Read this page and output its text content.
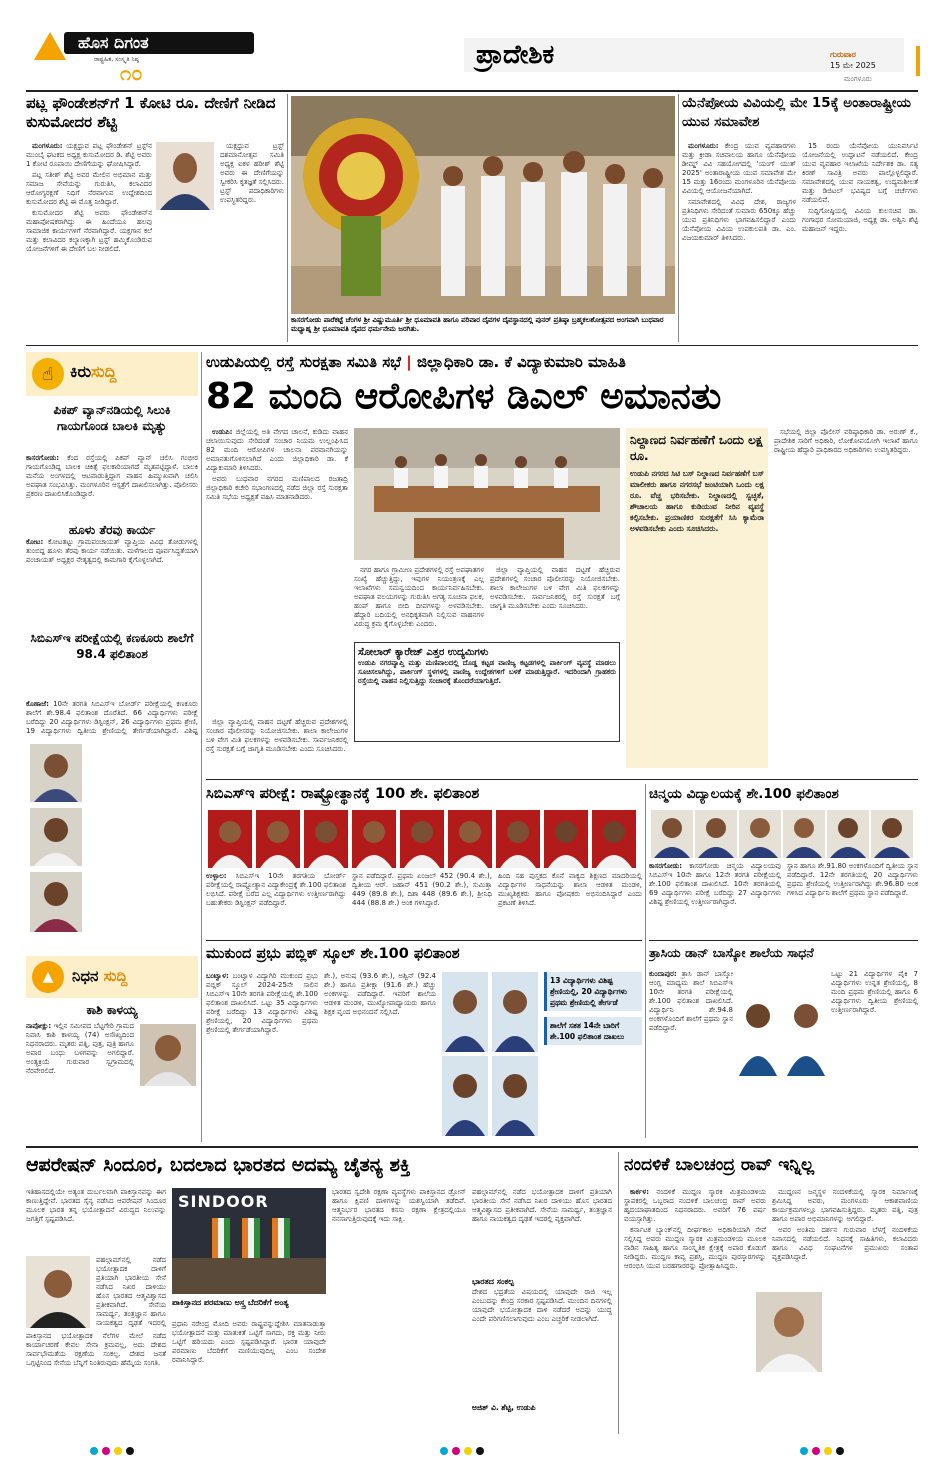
ಹೊಸ ದಿಗಂತ
ರಾಷ್ಟ್ರಹಿತ, ಸಂಸ್ಕೃತಿ ನಿಷ್ಠ
೧೦
ಪ್ರಾದೇಶಿಕ	ಗುರುವಾರ
15 ಮೇ 2025
ಮಂಗಳೂರು
ಪಟ್ಲ ಫೌಂಡೇಶನ್‌ಗೆ 1 ಕೋಟಿ ರೂ. ದೇಣಿಗೆ ನೀಡಿದ ಕುಸುಮೋದರ ಶೆಟ್ಟಿ

ಮಂಗಳೂರು: ಯಕ್ಷಧ್ರುವ ಪಟ್ಲ ಫೌಂಡೇಶನ್ ಟ್ರಸ್ಟ್‌ನ ಮುಂಬೈ ಘಟಕದ ಅಧ್ಯಕ್ಷ ಕುಸುಮೋದರ ಡಿ. ಶೆಟ್ಟಿ ಅವರು 1 ಕೋಟಿ ರೂಪಾಯಿ ದೇಣಿಗೆಯನ್ನು ಘೋಷಿಸಿದ್ದಾರೆ.

ಪಟ್ಲ ಸತೀಶ್ ಶೆಟ್ಟಿ ಅವರ ಮೇಲಿನ ಅಭಿಮಾನ ಮತ್ತು ಸಮಾಜ ಸೇವೆಯನ್ನು ಗುರುತಿಸಿ, ಕಲಾವಿದರ ಆರೋಗ್ಯರಕ್ಷಣೆ ನಿಧಿಗೆ ನೆರವಾಗುವ ಉದ್ದೇಶದಿಂದ ಕುಸುಮೋದರ ಶೆಟ್ಟಿ ಈ ಮೊತ್ತ ನೀಡಿದ್ದಾರೆ.

ಕುಸುಮೋದರ ಶೆಟ್ಟಿ ಅವರು ಫೌಂಡೇಶನ್‌ನ ಮಹಾಪೋಷಕರಾಗಿದ್ದು ಈ ಹಿಂದೆಯೂ ಹಲವು ಸಾಮಾಜಿಕ ಕಾರ್ಯಗಳಿಗೆ ನೆರವಾಗಿದ್ದಾರೆ. ಯಕ್ಷಗಾನ ಕಲೆ ಮತ್ತು ಕಲಾವಿದರ ಕಲ್ಯಾಣಕ್ಕಾಗಿ ಟ್ರಸ್ಟ್ ಹಮ್ಮಿಕೊಂಡಿರುವ ಯೋಜನೆಗಳಿಗೆ ಈ ದೇಣಿಗೆ ಬಲ ನೀಡಲಿದೆ.

ಯಕ್ಷಧ್ರುವ ಟ್ರಸ್ಟ್ ದಶಮಾನೋತ್ಸವ ಸಮಿತಿ ಅಧ್ಯಕ್ಷ ಐಕಳ ಹರೀಶ್ ಶೆಟ್ಟಿ ಅವರು ಈ ದೇಣಿಗೆಯನ್ನು ಸ್ವೀಕರಿಸಿ ಕೃತಜ್ಞತೆ ಸಲ್ಲಿಸಿದರು. ಟ್ರಸ್ಟ್ ಪದಾಧಿಕಾರಿಗಳು ಉಪಸ್ಥಿತರಿದ್ದರು.

ಕಾಸರಗೋಡು ಪಾರೆಕಟ್ಟೆ ಚೆಂಗಳ ಶ್ರೀ ವಿಷ್ಣುಮೂರ್ತಿ ಶ್ರೀ ಧೂಮಾವತಿ ಹಾಗೂ ಪರಿವಾರ ದೈವಗಳ ದೈವಸ್ಥಾನದಲ್ಲಿ ಪುನರ್ ಪ್ರತಿಷ್ಠಾ ಬ್ರಹ್ಮಕಲಶೋತ್ಸವದ ಅಂಗವಾಗಿ ಬುಧವಾರ ಮಧ್ಯಾಹ್ನ ಶ್ರೀ ಧೂಮಾವತಿ ದೈವದ ಧರ್ಮನೇಮ ಜರಗಿತು.
ಯೆನೆಪೋಯ ವಿವಿಯಲ್ಲಿ ಮೇ 15ಕ್ಕೆ ಅಂತಾರಾಷ್ಟ್ರೀಯ ಯುವ ಸಮಾವೇಶ

ಮಂಗಳೂರು: ಕೇಂದ್ರ ಯುವ ವ್ಯವಹಾರಗಳು ಮತ್ತು ಕ್ರೀಡಾ ಸಚಿವಾಲಯ ಹಾಗೂ ಯೆನೆಪೋಯ ಡೀಮ್ಡ್ ವಿವಿ ಸಹಯೋಗದಲ್ಲಿ 'ಯಂಗ್ ಯುತ್ 2025' ಅಂತಾರಾಷ್ಟ್ರೀಯ ಯುವ ಸಮಾವೇಶ ಮೇ 15 ಮತ್ತು 16ರಂದು ಮಂಗಳೂರಿನ ಯೆನೆಪೋಯ ವಿವಿಯಲ್ಲಿ ಆಯೋಜನೆಯಾಗಿದೆ.

ಸಮಾವೇಶದಲ್ಲಿ ವಿವಿಧ ದೇಶ, ರಾಜ್ಯಗಳ ಪ್ರತಿನಿಧಿಗಳು ಸೇರಿದಂತೆ ಸುಮಾರು 650ಕ್ಕೂ ಹೆಚ್ಚು ಯುವ ಪ್ರತಿನಿಧಿಗಳು ಭಾಗವಹಿಸಲಿದ್ದಾರೆ ಎಂದು ಯೆನೆಪೋಯ ವಿವಿಯ ಉಪಕುಲಪತಿ ಡಾ. ಎಂ. ವಿಜಯಕುಮಾರ್ ತಿಳಿಸಿದರು.

15 ರಂದು ಯೆನೆಪೋಯ ಯುನಿವರ್ಸಿಟಿ ಯೋಜನೆಯಲ್ಲಿ ಉದ್ಘಾಟನೆ ನಡೆಯಲಿದೆ. ಕೇಂದ್ರ ಯುವ ವ್ಯವಹಾರ ಇಲಾಖೆಯ ನಿರ್ದೇಶಕ ಡಾ. ಸತ್ಯ ಕಿರಣ್ ಸಾವಿತ್ರಿ ಅವರು ಪಾಲ್ಗೊಳ್ಳಲಿದ್ದಾರೆ. ಸಮಾವೇಶದಲ್ಲಿ ಯುವ ನಾಯಕತ್ವ, ಉದ್ಯಮಶೀಲತೆ ಮತ್ತು ಡಿಜಿಟಲ್ ಭವಿಷ್ಯದ ಬಗ್ಗೆ ಚರ್ಚೆಗಳು ನಡೆಯಲಿವೆ.

ಸುದ್ದಿಗೋಷ್ಠಿಯಲ್ಲಿ ವಿವಿಯ ಕುಲಸಚಿವ ಡಾ. ಗಂಗಾಧರ ಸೋಮಯಾಜಿ, ಅಧ್ಯಕ್ಷ ಡಾ. ಅಶ್ವಿನಿ ಶೆಟ್ಟಿ ಮಹಾಜನ್ ಇದ್ದರು.

☝ ಕಿರುಸುದ್ದಿ
ಪಿಕಪ್ ವ್ಯಾನ್‌ನಡಿಯಲ್ಲಿ ಸಿಲುಕಿ ಗಾಯಗೊಂಡ ಬಾಲಕಿ ಮೃತ್ಯು
ಕಾಸರಗೋಡು: ಕೆಂದ ರಸ್ತೆಯಲ್ಲಿ ಪಿಕಪ್ ವ್ಯಾನ್ ಚಲಿಸಿ ಗಂಭೀರ ಗಾಯಗೊಂಡಿದ್ದ ಬಾಲಕಿ ಚಿಕಿತ್ಸೆ ಫಲಕಾರಿಯಾಗದೆ ಮೃತಪಟ್ಟಿದ್ದಾಳೆ. ಬಾಲಕಿ ಮನೆಯ ಅಂಗಳದಲ್ಲಿ ಆಟವಾಡುತ್ತಿದ್ದಾಗ ವಾಹನ ಹಿಮ್ಮುಖವಾಗಿ ಚಲಿಸಿ ಅಪಘಾತ ಸಂಭವಿಸಿತ್ತು. ಮಂಗಳೂರಿನ ಆಸ್ಪತ್ರೆಗೆ ದಾಖಲಿಸಲಾಗಿತ್ತು. ಪೊಲೀಸರು ಪ್ರಕರಣ ದಾಖಲಿಸಿಕೊಂಡಿದ್ದಾರೆ.
ಹೂಳು ತೆರವು ಕಾರ್ಯ
ಕೋಟ: ಕೋಟತಟ್ಟು ಗ್ರಾಮಪಂಚಾಯತ್ ವ್ಯಾಪ್ತಿಯ ವಿವಿಧ ತೋಡುಗಳಲ್ಲಿ ತುಂಬಿದ್ದ ಹೂಳು ತೆರವು ಕಾರ್ಯ ನಡೆಯಿತು. ಮಳೆಗಾಲದ ಪೂರ್ವಸಿದ್ಧತೆಯಾಗಿ ಪಂಚಾಯತ್ ಅಧ್ಯಕ್ಷರ ನೇತೃತ್ವದಲ್ಲಿ ಕಾಮಗಾರಿ ಕೈಗೊಳ್ಳಲಾಗಿದೆ.
ಸಿಬಿಎಸ್‌ಇ ಪರೀಕ್ಷೆಯಲ್ಲಿ ಕಣಕೂರು ಶಾಲೆಗೆ 98.4 ಫಲಿತಾಂಶ
ಕೊಣಾಜೆ: 10ನೇ ತರಗತಿ ಸಿಬಿಎಸ್‌ಇ ಬೋರ್ಡ್ ಪರೀಕ್ಷೆಯಲ್ಲಿ ಕಣಕೂರು ಶಾಲೆಗೆ ಶೇ.98.4 ಫಲಿತಾಂಶ ದೊರೆತಿದೆ. 66 ವಿದ್ಯಾರ್ಥಿಗಳು ಪರೀಕ್ಷೆ ಬರೆದಿದ್ದು 20 ವಿದ್ಯಾರ್ಥಿಗಳು ಡಿಸ್ಟಿಂಕ್ಷನ್, 26 ವಿದ್ಯಾರ್ಥಿಗಳು ಪ್ರಥಮ ಶ್ರೇಣಿ, 19 ವಿದ್ಯಾರ್ಥಿಗಳು ದ್ವಿತೀಯ ಶ್ರೇಣಿಯಲ್ಲಿ ತೇರ್ಗಡೆಯಾಗಿದ್ದಾರೆ. ವಿಶಿಷ್ಟ
▲ ನಿಧನ ಸುದ್ದಿ
ಕಾಶಿ ಕಾಳಯ್ಯ
ನಾಪೋಕ್ಲು: ಇಲ್ಲಿನ ಸಮೀಪದ ಬೆಟ್ಟಗೇರಿ ಗ್ರಾಮದ ನಿವಾಸಿ ಕಾಶಿ ಕಾಳಯ್ಯ (74) ಅಸೌಖ್ಯದಿಂದ ನಿಧನರಾದರು. ಮೃತರು ಪತ್ನಿ, ಪುತ್ರ, ಪುತ್ರಿ ಹಾಗೂ ಅಪಾರ ಬಂಧು ಬಳಗವನ್ನು ಅಗಲಿದ್ದಾರೆ. ಅಂತ್ಯಕ್ರಿಯೆ ಗುರುವಾರ ಸ್ವಗ್ರಾಮದಲ್ಲಿ ನೆರವೇರಲಿದೆ.
ಉಡುಪಿಯಲ್ಲಿ ರಸ್ತೆ ಸುರಕ್ಷತಾ ಸಮಿತಿ ಸಭೆ | ಜಿಲ್ಲಾಧಿಕಾರಿ ಡಾ. ಕೆ ವಿದ್ಯಾಕುಮಾರಿ ಮಾಹಿತಿ
82 ಮಂದಿ ಆರೋಪಿಗಳ ಡಿಎಲ್ ಅಮಾನತು

ಉಡುಪಿ: ಜಿಲ್ಲೆಯಲ್ಲಿ ಅತಿ ವೇಗದ ಚಾಲನೆ, ಕುಡಿದು ವಾಹನ ಚಲಾಯಿಸುವುದು ಸೇರಿದಂತೆ ಸಂಚಾರ ನಿಯಮ ಉಲ್ಲಂಘಿಸಿದ 82 ಮಂದಿ ಆರೋಪಿಗಳ ಚಾಲನಾ ಪರವಾನಗಿಯನ್ನು ಅಮಾನತುಗೊಳಿಸಲಾಗಿದೆ ಎಂದು ಜಿಲ್ಲಾಧಿಕಾರಿ ಡಾ. ಕೆ ವಿದ್ಯಾಕುಮಾರಿ ತಿಳಿಸಿದರು.

ಅವರು ಬುಧವಾರ ನಗರದ ಮಣಿಪಾಲದ ರಜತಾದ್ರಿ ಜಿಲ್ಲಾಧಿಕಾರಿ ಕಚೇರಿ ಸಭಾಂಗಣದಲ್ಲಿ ನಡೆದ ಜಿಲ್ಲಾ ರಸ್ತೆ ಸುರಕ್ಷತಾ ಸಮಿತಿ ಸಭೆಯ ಅಧ್ಯಕ್ಷತೆ ವಹಿಸಿ ಮಾತನಾಡಿದರು.

ನಗರ ಹಾಗೂ ಗ್ರಾಮೀಣ ಪ್ರದೇಶಗಳಲ್ಲಿ ರಸ್ತೆ ಅಪಘಾತಗಳ ಸಂಖ್ಯೆ ಹೆಚ್ಚುತ್ತಿದ್ದು, ಇವುಗಳ ನಿಯಂತ್ರಣಕ್ಕೆ ಎಲ್ಲ ಇಲಾಖೆಗಳು ಸಮನ್ವಯದಿಂದ ಕಾರ್ಯನಿರ್ವಹಿಸಬೇಕು. ಅಪಘಾತ ವಲಯಗಳನ್ನು ಗುರುತಿಸಿ ಅಗತ್ಯ ಸೂಚನಾ ಫಲಕ, ಹಂಪ್ ಹಾಗೂ ಬೀದಿ ದೀಪಗಳನ್ನು ಅಳವಡಿಸಬೇಕು. ಹೆದ್ದಾರಿ ಬದಿಯಲ್ಲಿ ಅನಧಿಕೃತವಾಗಿ ನಿಲ್ಲಿಸುವ ವಾಹನಗಳ ವಿರುದ್ಧ ಕ್ರಮ ಕೈಗೊಳ್ಳಬೇಕು ಎಂದರು.

ಜಿಲ್ಲಾ ವ್ಯಾಪ್ತಿಯಲ್ಲಿ ವಾಹನ ದಟ್ಟಣೆ ಹೆಚ್ಚಿರುವ ಪ್ರದೇಶಗಳಲ್ಲಿ ಸಂಚಾರ ಪೊಲೀಸರನ್ನು ನಿಯೋಜಿಸಬೇಕು. ಶಾಲಾ ಕಾಲೇಜುಗಳ ಬಳಿ ವೇಗ ಮಿತಿ ಫಲಕಗಳನ್ನು ಅಳವಡಿಸಬೇಕು. ಸಾರ್ವಜನಿಕರಲ್ಲಿ ರಸ್ತೆ ಸುರಕ್ಷತೆ ಬಗ್ಗೆ ಜಾಗೃತಿ ಮೂಡಿಸಬೇಕು ಎಂದು ಸೂಚಿಸಿದರು.

ಸೋಲಾರ್ ಕ್ಯಾರೇಜ್ ಎತ್ತರ ಉದ್ಯಮಿಗಳು
ಉಡುಪಿ ನಗರವ್ಯಾಪ್ತಿ ಮತ್ತು ಮಣಿಪಾಲದಲ್ಲಿ ದೊಡ್ಡ ಕಟ್ಟಡ ವಾಣಿಜ್ಯ ಕಟ್ಟಡಗಳಲ್ಲಿ ಪಾರ್ಕಿಂಗ್ ವ್ಯವಸ್ಥೆ ಮಾಡಲು ಸೂಚಿಸಲಾಗಿದ್ದು, ಪಾರ್ಕಿಂಗ್ ಸ್ಥಳಗಳಲ್ಲಿ ವಾಣಿಜ್ಯ ಉದ್ದೇಶಗಳಿಗೆ ಬಳಕೆ ಮಾಡುತ್ತಿದ್ದಾರೆ. ಇದರಿಂದಾಗಿ ಗ್ರಾಹಕರು ರಸ್ತೆಯಲ್ಲಿ ವಾಹನ ನಿಲ್ಲಿಸುತ್ತಿದ್ದು ಸಂಚಾರಕ್ಕೆ ತೊಂದರೆಯಾಗುತ್ತಿದೆ.
ನಿಲ್ದಾಣದ ನಿರ್ವಹಣೆಗೆ ಒಂದು ಲಕ್ಷ ರೂ.
ಉಡುಪಿ ನಗರದ ಸಿಟಿ ಬಸ್ ನಿಲ್ದಾಣದ ನಿರ್ವಹಣೆಗೆ ಬಸ್ ಮಾಲೀಕರು ಹಾಗೂ ನಗರಸಭೆ ಜಂಟಿಯಾಗಿ ಒಂದು ಲಕ್ಷ ರೂ. ವೆಚ್ಚ ಭರಿಸಬೇಕು. ನಿಲ್ದಾಣದಲ್ಲಿ ಸ್ವಚ್ಛತೆ, ಶೌಚಾಲಯ ಹಾಗೂ ಕುಡಿಯುವ ನೀರಿನ ವ್ಯವಸ್ಥೆ ಕಲ್ಪಿಸಬೇಕು. ಪ್ರಯಾಣಿಕರ ಸುರಕ್ಷತೆಗೆ ಸಿಸಿ ಕ್ಯಾಮೆರಾ ಅಳವಡಿಸಬೇಕು ಎಂದು ಸೂಚಿಸಿದರು.

ಸಭೆಯಲ್ಲಿ ಜಿಲ್ಲಾ ಪೊಲೀಸ್ ವರಿಷ್ಠಾಧಿಕಾರಿ ಡಾ. ಅರುಣ್ ಕೆ., ಪ್ರಾದೇಶಿಕ ಸಾರಿಗೆ ಅಧಿಕಾರಿ, ಲೋಕೋಪಯೋಗಿ ಇಲಾಖೆ ಹಾಗೂ ರಾಷ್ಟ್ರೀಯ ಹೆದ್ದಾರಿ ಪ್ರಾಧಿಕಾರದ ಅಧಿಕಾರಿಗಳು ಉಪಸ್ಥಿತರಿದ್ದರು.

ಜಿಲ್ಲಾ ವ್ಯಾಪ್ತಿಯಲ್ಲಿ ವಾಹನ ದಟ್ಟಣೆ ಹೆಚ್ಚಿರುವ ಪ್ರದೇಶಗಳಲ್ಲಿ ಸಂಚಾರ ಪೊಲೀಸರನ್ನು ನಿಯೋಜಿಸಬೇಕು. ಶಾಲಾ ಕಾಲೇಜುಗಳ ಬಳಿ ವೇಗ ಮಿತಿ ಫಲಕಗಳನ್ನು ಅಳವಡಿಸಬೇಕು. ಸಾರ್ವಜನಿಕರಲ್ಲಿ ರಸ್ತೆ ಸುರಕ್ಷತೆ ಬಗ್ಗೆ ಜಾಗೃತಿ ಮೂಡಿಸಬೇಕು ಎಂದು ಸೂಚಿಸಿದರು.

ಸಿಬಿಎಸ್‌ಇ ಪರೀಕ್ಷೆ: ರಾಷ್ಟ್ರೋತ್ಥಾನಕ್ಕೆ 100 ಶೇ. ಫಲಿತಾಂಶ
ಉಳ್ಳಾಲ: ಸಿಬಿಎಸ್‌ಇ 10ನೇ ತರಗತಿಯ ಬೋರ್ಡ್ ಪರೀಕ್ಷೆಯಲ್ಲಿ ರಾಷ್ಟ್ರೋತ್ಥಾನ ವಿದ್ಯಾಕೇಂದ್ರಕ್ಕೆ ಶೇ.100 ಫಲಿತಾಂಶ ಲಭಿಸಿದೆ. ಪರೀಕ್ಷೆ ಬರೆದ ಎಲ್ಲ ವಿದ್ಯಾರ್ಥಿಗಳು ಉತ್ತೀರ್ಣರಾಗಿದ್ದು ಬಹುತೇಕರು ಡಿಸ್ಟಿಂಕ್ಷನ್ ಪಡೆದಿದ್ದಾರೆ.
ಸ್ಥಾನ ಪಡೆದಿದ್ದಾರೆ. ಪ್ರಥಮ ಏಂಜಲ್ 452 (90.4 ಶೇ.), ದ್ವಿತೀಯ ಆರ್. ಜಹಾನ್ 451 (90.2 ಶೇ.), ಸುಮಿತ್ತಾ 449 (89.8 ಶೇ.), ದಿಶಾ 448 (89.6 ಶೇ.), ಶ್ರೀನಿಧಿ 444 (88.8 ಶೇ.) ಅಂಕ ಗಳಿಸಿದ್ದಾರೆ.
ಹಿಂದಿ ಸಹ ಪುಸ್ತಕದ ಕೊನೆ ವಾಕ್ಯದ ಶಿಕ್ಷಣದ ಮಾದರಿಯಲ್ಲಿ ವಿದ್ಯಾರ್ಥಿಗಳ ಸಾಧನೆಯನ್ನು ಶಾಲಾ ಆಡಳಿತ ಮಂಡಳಿ, ಮುಖ್ಯಶಿಕ್ಷಕರು ಹಾಗೂ ಪೋಷಕರು ಅಭಿನಂದಿಸಿದ್ದಾರೆ ಎಂದು ಪ್ರಕಟಣೆ ತಿಳಿಸಿದೆ.
ಚಿನ್ಮಯ ವಿದ್ಯಾಲಯಕ್ಕೆ ಶೇ.100 ಫಲಿತಾಂಶ
ಕಾಸರಗೋಡು: ಕಾಸರಗೋಡು ಚಿನ್ಮಯ ವಿದ್ಯಾಲಯವು ಸಿಬಿಎಸ್‌ಇ 10ನೇ ಹಾಗೂ 12ನೇ ತರಗತಿ ಪರೀಕ್ಷೆಯಲ್ಲಿ ಶೇ.100 ಫಲಿತಾಂಶ ದಾಖಲಿಸಿದೆ. 10ನೇ ತರಗತಿಯಲ್ಲಿ 69 ವಿದ್ಯಾರ್ಥಿಗಳು ಪರೀಕ್ಷೆ ಬರೆದಿದ್ದು 27 ವಿದ್ಯಾರ್ಥಿಗಳು ವಿಶಿಷ್ಟ ಶ್ರೇಣಿಯಲ್ಲಿ ಉತ್ತೀರ್ಣರಾಗಿದ್ದಾರೆ.
ಸ್ಥಾನ ಹಾಗೂ ಶೇ.91.80 ಅಂಕಗಳೊಂದಿಗೆ ದ್ವಿತೀಯ ಸ್ಥಾನ ಪಡೆದಿದ್ದಾರೆ. 12ನೇ ತರಗತಿಯಲ್ಲಿ 20 ವಿದ್ಯಾರ್ಥಿಗಳು ಪ್ರಥಮ ಶ್ರೇಣಿಯಲ್ಲಿ ಉತ್ತೀರ್ಣರಾಗಿದ್ದು ಶೇ.96.80 ಅಂಕ ಗಳಿಸಿದ ವಿದ್ಯಾರ್ಥಿನಿ ಶಾಲೆಗೆ ಪ್ರಥಮ ಸ್ಥಾನ ಪಡೆದಿದ್ದಾರೆ.
ಮುಕುಂದ ಪ್ರಭು ಪಬ್ಲಿಕ್ ಸ್ಕೂಲ್ ಶೇ.100 ಫಲಿತಾಂಶ
ಬಂಟ್ವಾಳ: ಬಂಟ್ವಾಳ ವಿದ್ಯಾಗಿರಿ ಮುಕುಂದ ಪ್ರಭು ಪಬ್ಲಿಕ್ ಸ್ಕೂಲ್ 2024-25ನೇ ಸಾಲಿನ ಸಿಬಿಎಸ್‌ಇ 10ನೇ ತರಗತಿ ಪರೀಕ್ಷೆಯಲ್ಲಿ ಶೇ.100 ಫಲಿತಾಂಶ ದಾಖಲಿಸಿದೆ. ಒಟ್ಟು 35 ವಿದ್ಯಾರ್ಥಿಗಳು ಪರೀಕ್ಷೆ ಬರೆದಿದ್ದು 13 ವಿದ್ಯಾರ್ಥಿಗಳು ವಿಶಿಷ್ಟ ಶ್ರೇಣಿಯಲ್ಲಿ, 20 ವಿದ್ಯಾರ್ಥಿಗಳು ಪ್ರಥಮ ಶ್ರೇಣಿಯಲ್ಲಿ ತೇರ್ಗಡೆಯಾಗಿದ್ದಾರೆ.
ಶೇ.), ಅನುಷ (93.6 ಶೇ.), ಅಶ್ವಿನ್ (92.4 ಶೇ.) ಹಾಗೂ ಪ್ರತೀಕ್ಷಾ (91.6 ಶೇ.) ಹೆಚ್ಚು ಅಂಕಗಳನ್ನು ಪಡೆದಿದ್ದಾರೆ. ಇವರಿಗೆ ಶಾಲೆಯ ಆಡಳಿತ ಮಂಡಳಿ, ಮುಖ್ಯೋಪಾಧ್ಯಾಯರು ಹಾಗೂ ಶಿಕ್ಷಕ ವೃಂದ ಅಭಿನಂದನೆ ಸಲ್ಲಿಸಿದೆ.
13 ವಿದ್ಯಾರ್ಥಿಗಳು ವಿಶಿಷ್ಟ ಶ್ರೇಣಿಯಲ್ಲಿ, 20 ವಿದ್ಯಾರ್ಥಿಗಳು ಪ್ರಥಮ ಶ್ರೇಣಿಯಲ್ಲಿ ತೇರ್ಗಡೆ
ಶಾಲೆಗೆ ಸತತ 14ನೇ ಬಾರಿಗೆ ಶೇ.100 ಫಲಿತಾಂಶ ದಾಖಲು
ತ್ರಾಸಿಯ ಡಾನ್ ಬಾಸ್ಕೋ ಶಾಲೆಯ ಸಾಧನೆ
ಕುಂದಾಪುರ: ತ್ರಾಸಿ ಡಾನ್ ಬಾಸ್ಕೋ ಆಂಗ್ಲ ಮಾಧ್ಯಮ ಶಾಲೆ ಸಿಬಿಎಸ್‌ಇ 10ನೇ ತರಗತಿ ಪರೀಕ್ಷೆಯಲ್ಲಿ ಶೇ.100 ಫಲಿತಾಂಶ ದಾಖಲಿಸಿದೆ. ವಿದ್ಯಾರ್ಥಿನಿ ಶೇ.94.8 ಅಂಕಗಳೊಂದಿಗೆ ಶಾಲೆಗೆ ಪ್ರಥಮ ಸ್ಥಾನ ಪಡೆದಿದ್ದಾರೆ.
ಒಟ್ಟು 21 ವಿದ್ಯಾರ್ಥಿಗಳ ಪೈಕಿ 7 ವಿದ್ಯಾರ್ಥಿಗಳು ಉನ್ನತ ಶ್ರೇಣಿಯಲ್ಲಿ, 8 ಮಂದಿ ಪ್ರಥಮ ಶ್ರೇಣಿಯಲ್ಲಿ ಹಾಗೂ 6 ವಿದ್ಯಾರ್ಥಿಗಳು ದ್ವಿತೀಯ ಶ್ರೇಣಿಯಲ್ಲಿ ಉತ್ತೀರ್ಣರಾಗಿದ್ದಾರೆ.
ಆಪರೇಷನ್ ಸಿಂದೂರ, ಬದಲಾದ ಭಾರತದ ಅದಮ್ಯ ಚೈತನ್ಯ ಶಕ್ತಿ
ಇತಿಹಾಸದಲ್ಲಿಯೇ ಅತ್ಯಂತ ದುರ್ಬಲವಾಗಿ ಪಾಕಿಸ್ತಾನವನ್ನು ಈಗ ಕಾಣುತ್ತಿದ್ದೇವೆ. ಭಾರತದ ಸೈನ್ಯ ನಡೆಸಿದ ಆಪರೇಷನ್ ಸಿಂದೂರ ಮೂಲಕ ಭಾರತ ತನ್ನ ಭಯೋತ್ಪಾದನೆ ವಿರುದ್ಧದ ನಿಲುವನ್ನು ಜಗತ್ತಿಗೆ ಸ್ಪಷ್ಟಪಡಿಸಿದೆ.
ಪಹಲ್ಗಾಮ್‌ನಲ್ಲಿ ನಡೆದ ಭಯೋತ್ಪಾದಕ ದಾಳಿಗೆ ಪ್ರತಿಯಾಗಿ ಭಾರತೀಯ ಸೇನೆ ನಡೆಸಿದ ನಿಖರ ದಾಳಿಯು ಹೊಸ ಭಾರತದ ಆತ್ಮವಿಶ್ವಾಸದ ಪ್ರತೀಕವಾಗಿದೆ. ಸೇನೆಯ ಸಾಮರ್ಥ್ಯ, ತಂತ್ರಜ್ಞಾನ ಹಾಗೂ ನಾಯಕತ್ವದ ದೃಢತೆ ಇದರಲ್ಲಿ
ಪಾಕಿಸ್ತಾನದ ಭಯೋತ್ಪಾದಕ ನೆಲೆಗಳ ಮೇಲೆ ನಡೆದ ಕಾರ್ಯಾಚರಣೆ ಕೇವಲ ಸೇನಾ ಕ್ರಮವಲ್ಲ, ಅದು ದೇಶದ ಸಾರ್ವಭೌಮತೆಯ ರಕ್ಷಣೆಯ ಸಂಕಲ್ಪ. ದೇಶದ ಜನತೆ ಒಗ್ಗಟ್ಟಿನಿಂದ ಸೇನೆಯ ಬೆನ್ನಿಗೆ ನಿಂತಿರುವುದು ಹೆಮ್ಮೆಯ ಸಂಗತಿ.
SINDOOR
ಪಾಕಿಸ್ತಾನದ ಪರಮಾಣು ಅಸ್ತ್ರ ಬೆದರಿಕೆಗೆ ಅಂತ್ಯ
ಪ್ರಧಾನಿ ನರೇಂದ್ರ ಮೋದಿ ಅವರು ರಾಷ್ಟ್ರವನ್ನುದ್ದೇಶಿಸಿ ಮಾತನಾಡುತ್ತಾ ಭಯೋತ್ಪಾದನೆ ಮತ್ತು ಮಾತುಕತೆ ಒಟ್ಟಿಗೆ ಸಾಗದು, ರಕ್ತ ಮತ್ತು ನೀರು ಒಟ್ಟಿಗೆ ಹರಿಯದು ಎಂದು ಸ್ಪಷ್ಟಪಡಿಸಿದ್ದಾರೆ. ಭಾರತ ಯಾವುದೇ ಪರಮಾಣು ಬೆದರಿಕೆಗೆ ಮಣಿಯುವುದಿಲ್ಲ ಎಂಬ ಸಂದೇಶ ರವಾನಿಸಿದ್ದಾರೆ.
ಭಾರತದ ಸ್ವದೇಶಿ ರಕ್ಷಣಾ ವ್ಯವಸ್ಥೆಗಳು ಪಾಕಿಸ್ತಾನದ ಡ್ರೋನ್ ಹಾಗೂ ಕ್ಷಿಪಣಿ ದಾಳಿಗಳನ್ನು ಯಶಸ್ವಿಯಾಗಿ ತಡೆದಿವೆ. ಆತ್ಮನಿರ್ಭರ ಭಾರತದ ಕನಸು ರಕ್ಷಣಾ ಕ್ಷೇತ್ರದಲ್ಲಿಯೂ ನನಸಾಗುತ್ತಿರುವುದಕ್ಕೆ ಇದು ಸಾಕ್ಷಿ.
ಪಹಲ್ಗಾಮ್‌ನಲ್ಲಿ ನಡೆದ ಭಯೋತ್ಪಾದಕ ದಾಳಿಗೆ ಪ್ರತಿಯಾಗಿ ಭಾರತೀಯ ಸೇನೆ ನಡೆಸಿದ ನಿಖರ ದಾಳಿಯು ಹೊಸ ಭಾರತದ ಆತ್ಮವಿಶ್ವಾಸದ ಪ್ರತೀಕವಾಗಿದೆ. ಸೇನೆಯ ಸಾಮರ್ಥ್ಯ, ತಂತ್ರಜ್ಞಾನ ಹಾಗೂ ನಾಯಕತ್ವದ ದೃಢತೆ ಇದರಲ್ಲಿ ವ್ಯಕ್ತವಾಗಿದೆ.
ಭಾರತದ ಸಂಕಲ್ಪ
ದೇಶದ ಭದ್ರತೆಯ ವಿಷಯದಲ್ಲಿ ಯಾವುದೇ ರಾಜಿ ಇಲ್ಲ ಎಂಬುದನ್ನು ಕೇಂದ್ರ ಸರಕಾರ ಸ್ಪಷ್ಟಪಡಿಸಿದೆ. ಮುಂದಿನ ದಿನಗಳಲ್ಲಿ ಯಾವುದೇ ಭಯೋತ್ಪಾದಕ ದಾಳಿ ನಡೆದರೆ ಅದನ್ನು ಯುದ್ಧ ಎಂದೇ ಪರಿಗಣಿಸಲಾಗುವುದು ಎಂಬ ಎಚ್ಚರಿಕೆ ನೀಡಲಾಗಿದೆ.
ಅಜಿತ್ ವಿ. ಶೆಟ್ಟಿ, ಉಡುಪಿ
ನಂದಳಿಕೆ ಬಾಲಚಂದ್ರ ರಾವ್ ಇನ್ನಿಲ್ಲ

ಕಾರ್ಕಳ: ನಂದಳಿಕೆ ಮುದ್ದಣ ಸ್ಮಾರಕ ಮಿತ್ರಮಂಡಳಿಯ ಸ್ಥಾಪಕರಲ್ಲಿ ಒಬ್ಬರಾದ ನಂದಳಿಕೆ ಬಾಲಚಂದ್ರ ರಾವ್ ಅವರು ಹೃದಯಾಘಾತದಿಂದ ನಿಧನರಾದರು. ಅವರಿಗೆ 76 ವರ್ಷ ವಯಸ್ಸಾಗಿತ್ತು.

ಕರ್ನಾಟಕ ಬ್ಯಾಂಕ್‌ನಲ್ಲಿ ದೀರ್ಘಕಾಲ ಅಧಿಕಾರಿಯಾಗಿ ಸೇವೆ ಸಲ್ಲಿಸಿದ್ದ ಅವರು ಮುದ್ದಣ ಸ್ಮಾರಕ ಮಿತ್ರಮಂಡಳಿಯ ಮೂಲಕ ನಾಡಿನ ಸಾಹಿತ್ಯ ಹಾಗೂ ಸಾಂಸ್ಕೃತಿಕ ಕ್ಷೇತ್ರಕ್ಕೆ ಅಪಾರ ಕೊಡುಗೆ ನೀಡಿದ್ದರು. ಮುದ್ದಣ ಕಾವ್ಯ ಪ್ರಶಸ್ತಿ, ಮುದ್ದಣ ಪುರಸ್ಕಾರಗಳನ್ನು ಆರಂಭಿಸಿ ಯುವ ಬರಹಗಾರರನ್ನು ಪ್ರೋತ್ಸಾಹಿಸಿದ್ದರು.

ಮುದ್ದಣನ ಜನ್ಮಸ್ಥಳ ನಂದಳಿಕೆಯಲ್ಲಿ ಸ್ಮಾರಕ ನಿರ್ಮಾಣಕ್ಕೆ ಶ್ರಮಿಸಿದ್ದ ಅವರು, ಮಂಗಳೂರು ಆಕಾಶವಾಣಿಯ ಕಾರ್ಯಕ್ರಮಗಳಲ್ಲೂ ಭಾಗವಹಿಸುತ್ತಿದ್ದರು. ಮೃತರು ಪತ್ನಿ, ಪುತ್ರ ಹಾಗೂ ಅಪಾರ ಅಭಿಮಾನಿಗಳನ್ನು ಅಗಲಿದ್ದಾರೆ.

ಅವರ ಅಂತಿಮ ದರ್ಶನ ಗುರುವಾರ ಬೆಳಗ್ಗೆ ನಂದಳಿಕೆಯ ನಿವಾಸದಲ್ಲಿ ನಡೆಯಲಿದೆ. ನಿಧನಕ್ಕೆ ಸಾಹಿತಿಗಳು, ಕಲಾವಿದರು ಹಾಗೂ ವಿವಿಧ ಸಂಘಟನೆಗಳ ಪ್ರಮುಖರು ಸಂತಾಪ ವ್ಯಕ್ತಪಡಿಸಿದ್ದಾರೆ.
